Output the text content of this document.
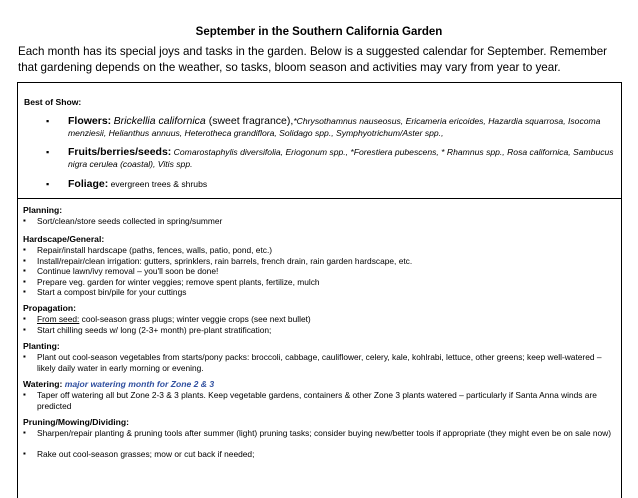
September in the Southern California Garden
Each month has its special joys and tasks in the garden. Below is a suggested calendar for September. Remember that gardening depends on the weather, so tasks, bloom season and activities may vary from year to year.
Best of Show:
▪ Flowers: Brickellia californica (sweet fragrance),*Chrysothamnus nauseosus, Ericameria ericoides, Hazardia squarrosa, Isocoma menziesii, Helianthus annuus, Heterotheca grandiflora, Solidago spp., Symphyotrichum/Aster spp.,
▪ Fruits/berries/seeds: Comarostaphylis diversifolia, Eriogonum spp., *Forestiera pubescens, * Rhamnus spp., Rosa californica, Sambucus nigra cerulea (coastal), Vitis spp.
▪ Foliage: evergreen trees & shrubs
Planning:
▪ Sort/clean/store seeds collected in spring/summer
Hardscape/General:
▪ Repair/install hardscape (paths, fences, walls, patio, pond, etc.)
▪ Install/repair/clean irrigation: gutters, sprinklers, rain barrels, french drain, rain garden hardscape, etc.
▪ Continue lawn/ivy removal – you'll soon be done!
▪ Prepare veg. garden for winter veggies; remove spent plants, fertilize, mulch
▪ Start a compost bin/pile for your cuttings
Propagation:
▪ From seed: cool-season grass plugs; winter veggie crops (see next bullet)
▪ Start chilling seeds w/ long (2-3+ month) pre-plant stratification;
Planting:
▪ Plant out cool-season vegetables from starts/pony packs: broccoli, cabbage, cauliflower, celery, kale, kohlrabi, lettuce, other greens; keep well-watered – likely daily water in early morning or evening.
Watering: major watering month for Zone 2 & 3
▪ Taper off watering all but Zone 2-3 & 3 plants. Keep vegetable gardens, containers & other Zone 3 plants watered – particularly if Santa Anna winds are predicted
Pruning/Mowing/Dividing:
▪ Sharpen/repair planting & pruning tools after summer (light) pruning tasks; consider buying new/better tools if appropriate (they might even be on sale now)
▪ Rake out cool-season grasses; mow or cut back if needed;
